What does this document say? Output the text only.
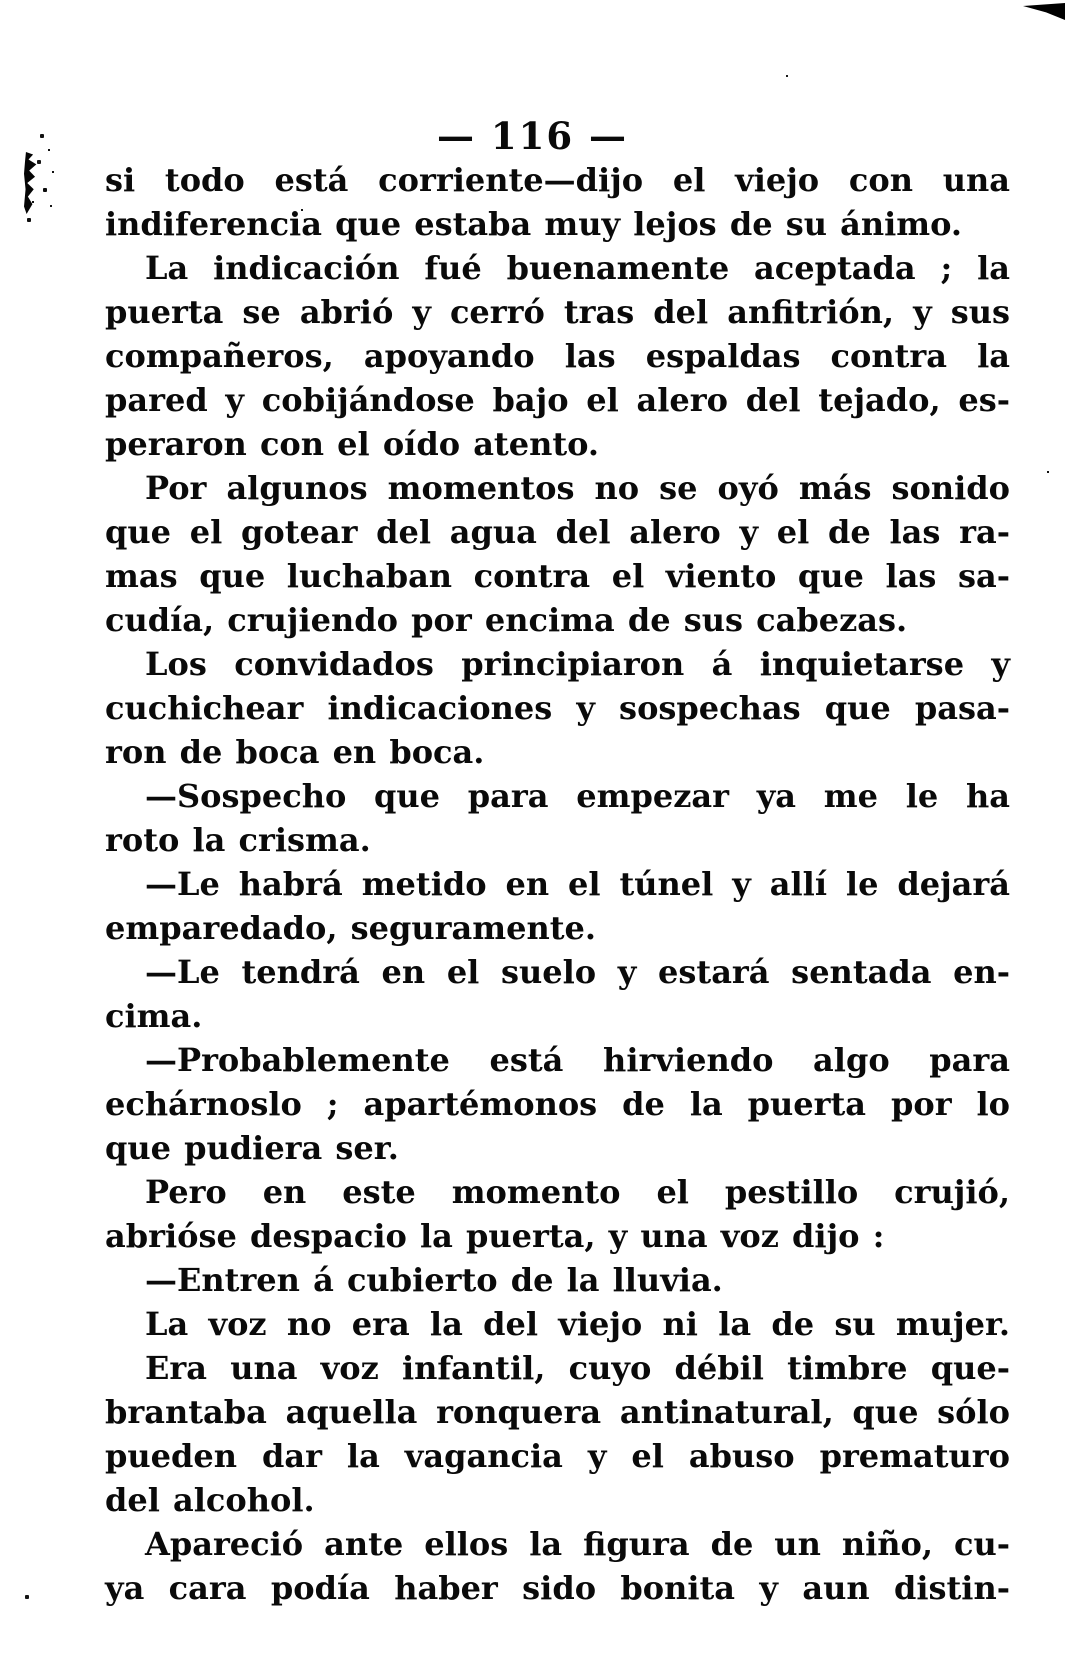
— 116 —
si todo está corriente—dijo el viejo con una
indiferencia que estaba muy lejos de su ánimo.
La indicación fué buenamente aceptada ; la
puerta se abrió y cerró tras del anfitrión, y sus
compañeros, apoyando las espaldas contra la
pared y cobijándose bajo el alero del tejado, es-
peraron con el oído atento.
Por algunos momentos no se oyó más sonido
que el gotear del agua del alero y el de las ra-
mas que luchaban contra el viento que las sa-
cudía, crujiendo por encima de sus cabezas.
Los convidados principiaron á inquietarse y
cuchichear indicaciones y sospechas que pasa-
ron de boca en boca.
—Sospecho que para empezar ya me le ha
roto la crisma.
—Le habrá metido en el túnel y allí le dejará
emparedado, seguramente.
—Le tendrá en el suelo y estará sentada en-
cima.
—Probablemente está hirviendo algo para
echárnoslo ; apartémonos de la puerta por lo
que pudiera ser.
Pero en este momento el pestillo crujió,
abrióse despacio la puerta, y una voz dijo :
—Entren á cubierto de la lluvia.
La voz no era la del viejo ni la de su mujer.
Era una voz infantil, cuyo débil timbre que-
brantaba aquella ronquera antinatural, que sólo
pueden dar la vagancia y el abuso prematuro
del alcohol.
Apareció ante ellos la figura de un niño, cu-
ya cara podía haber sido bonita y aun distin-
